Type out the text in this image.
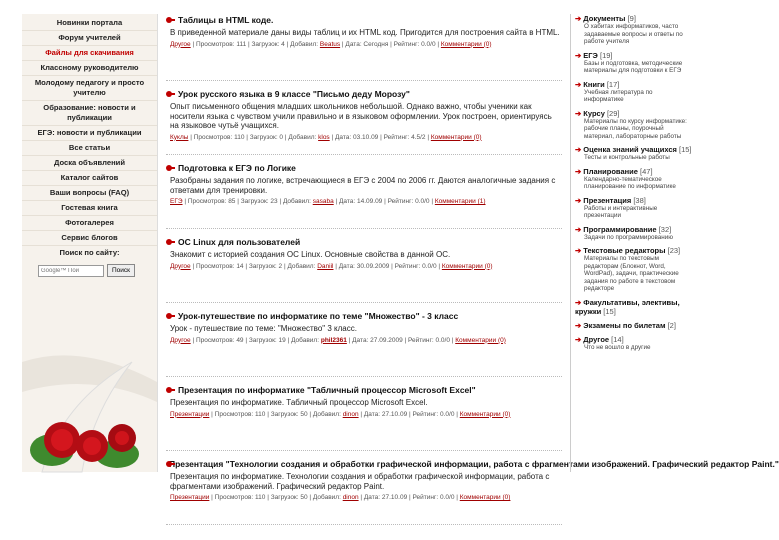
Новинки портала
Форум учителей
Файлы для скачивания
Классному руководителю
Молодому педагогу и просто учителю
Образование: новости и публикации
ЕГЭ: новости и публикации
Все статьи
Доска объявлений
Каталог сайтов
Ваши вопросы (FAQ)
Гостевая книга
Фотогалерея
Сервис блогов
Поиск по сайту:
Google™ Пои
Поиск
Таблицы в HTML коде.
В приведенной материале даны виды таблиц и их HTML код. Пригодится для построения сайта в HTML.
Другое | Просмотров: 111 | Загрузок: 4 | Добавил: Beatus | Дата: Сегодня | Рейтинг: 0.0/0 | Комментарии (0)
Урок русского языка в 9 классе "Письмо деду Морозу"
Опыт письменного общения младших школьников небольшой. Однако важно, чтобы ученики как носители языка с чувством учили правильно и в языковом оформлении. Урок построен, ориентируясь на языковое чутьё учащихся.
Куклы | Просмотров: 110 | Загрузок: 0 | Добавил: klos | Дата: 03.10.09 | Рейтинг: 4.5/2 | Комментарии (0)
Подготовка к ЕГЭ по Логике
Разобраны задания по логике, встречающиеся в ЕГЭ с 2004 по 2006 гг. Даются аналогичные задания с ответами для тренировки.
ЕГЭ | Просмотров: 85 | Загрузок: 23 | Добавил: sasaba | Дата: 14.09.09 | Рейтинг: 0.0/0 | Комментарии (1)
ОС Linux для пользователей
Знакомит с историей создания ОС Linux. Основные свойства в данной ОС.
Другое | Просмотров: 14 | Загрузок: 2 | Добавил: Daniil | Дата: 30.09.2009 | Рейтинг: 0.0/0 | Комментарии (0)
Урок-путешествие по информатике по теме "Множество" - 3 класс
Урок - путешествие по теме: "Множество" 3 класс.
Другое | Просмотров: 49 | Загрузок: 19 | Добавил: phil2361 | Дата: 27.09.2009 | Рейтинг: 0.0/0 | Комментарии (0)
Презентация по информатике "Табличный процессор Microsoft Excel"
Презентация по информатике. Табличный процессор Microsoft Excel.
Презентации | Просмотров: 110 | Загрузок: 50 | Добавил: dinon | Дата: 27.10.09 | Рейтинг: 0.0/0 | Комментарии (0)
Презентация "Технологии создания и обработки графической информации, работа с фрагментами изображений. Графический редактор Paint."
Презентация по информатике. Технологии создания и обработки графической информации, работа с фрагментами изображений. Графический редактор Paint.
Презентации | Просмотров: 110 | Загрузок: 50 | Добавил: dinon | Дата: 27.10.09 | Рейтинг: 0.0/0 | Комментарии (0)
➔ Документы [9]
О хабитах информатиков, часто задаваемые вопросы и ответы по работе учителя
➔ ЕГЭ [19]
Базы и подготовка, методические материалы для подготовки к ЕГЭ
➔ Книги [17]
Учебная литература по информатике
➔ Курсу [29]
Материалы по курсу информатике: рабочие планы, поурочный материал, лабораторные работы
➔ Оценка знаний учащихся [15]
Тесты и контрольные работы
➔ Планирование [47]
Календарно-тематическое планирование по информатике
➔ Презентация [38]
Работы и интерактивные презентации
➔ Программирование [32]
Задачи по программированию
➔ Текстовые редакторы [23]
Материалы по текстовым редакторам (Блокнот, Word, WordPad), задачи, практические задания по работе в текстовом редакторе
➔ Факультативы, элективы, кружки [15]
➔ Экзамены по билетам [2]
➔ Другое [14]
Что не вошло в другие
